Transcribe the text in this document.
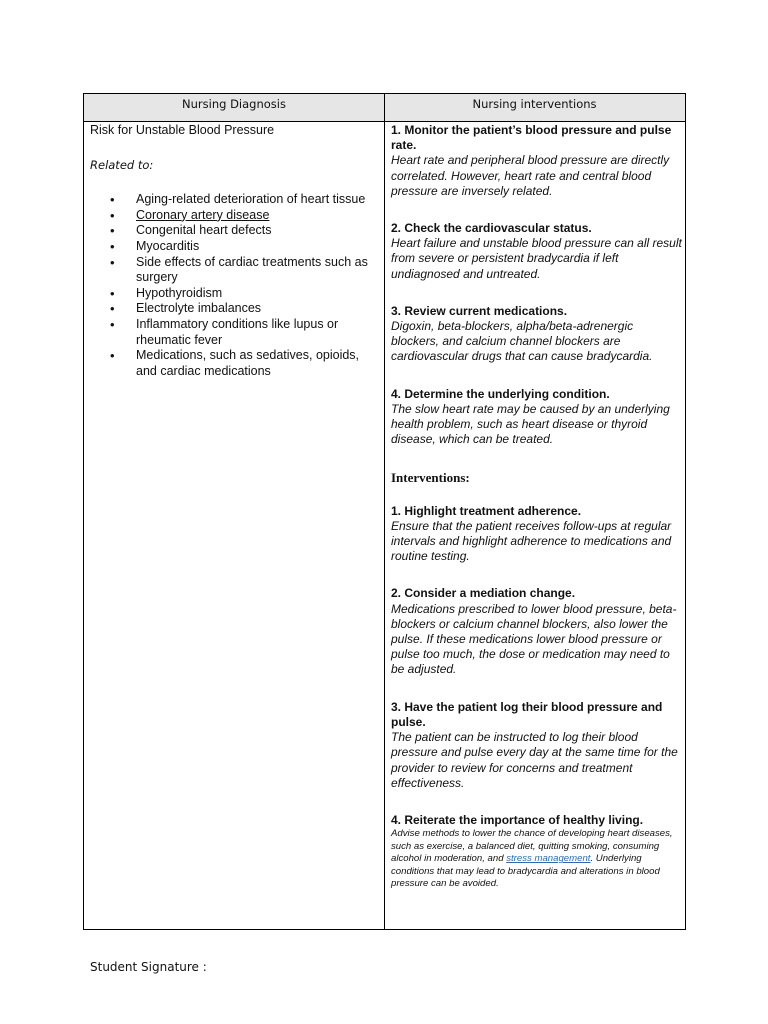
Nursing Diagnosis	Nursing interventions

Risk for Unstable Blood Pressure

Related to:
• Aging-related deterioration of heart tissue
• Coronary artery disease
• Congenital heart defects
• Myocarditis
• Side effects of cardiac treatments such as surgery
• Hypothyroidism
• Electrolyte imbalances
• Inflammatory conditions like lupus or rheumatic fever
• Medications, such as sedatives, opioids, and cardiac medications
1. Monitor the patient’s blood pressure and pulse rate.
Heart rate and peripheral blood pressure are directly correlated. However, heart rate and central blood pressure are inversely related.
2. Check the cardiovascular status.
Heart failure and unstable blood pressure can all result from severe or persistent bradycardia if left undiagnosed and untreated.
3. Review current medications.
Digoxin, beta-blockers, alpha/beta-adrenergic blockers, and calcium channel blockers are cardiovascular drugs that can cause bradycardia.
4. Determine the underlying condition.
The slow heart rate may be caused by an underlying health problem, such as heart disease or thyroid disease, which can be treated.
Interventions:
1. Highlight treatment adherence.
Ensure that the patient receives follow-ups at regular intervals and highlight adherence to medications and routine testing.
2. Consider a mediation change.
Medications prescribed to lower blood pressure, beta-blockers or calcium channel blockers, also lower the pulse. If these medications lower blood pressure or pulse too much, the dose or medication may need to be adjusted.
3. Have the patient log their blood pressure and pulse.
The patient can be instructed to log their blood pressure and pulse every day at the same time for the provider to review for concerns and treatment effectiveness.
4. Reiterate the importance of healthy living.
Advise methods to lower the chance of developing heart diseases, such as exercise, a balanced diet, quitting smoking, consuming alcohol in moderation, and stress management. Underlying conditions that may lead to bradycardia and alterations in blood pressure can be avoided.
Student Signature :
